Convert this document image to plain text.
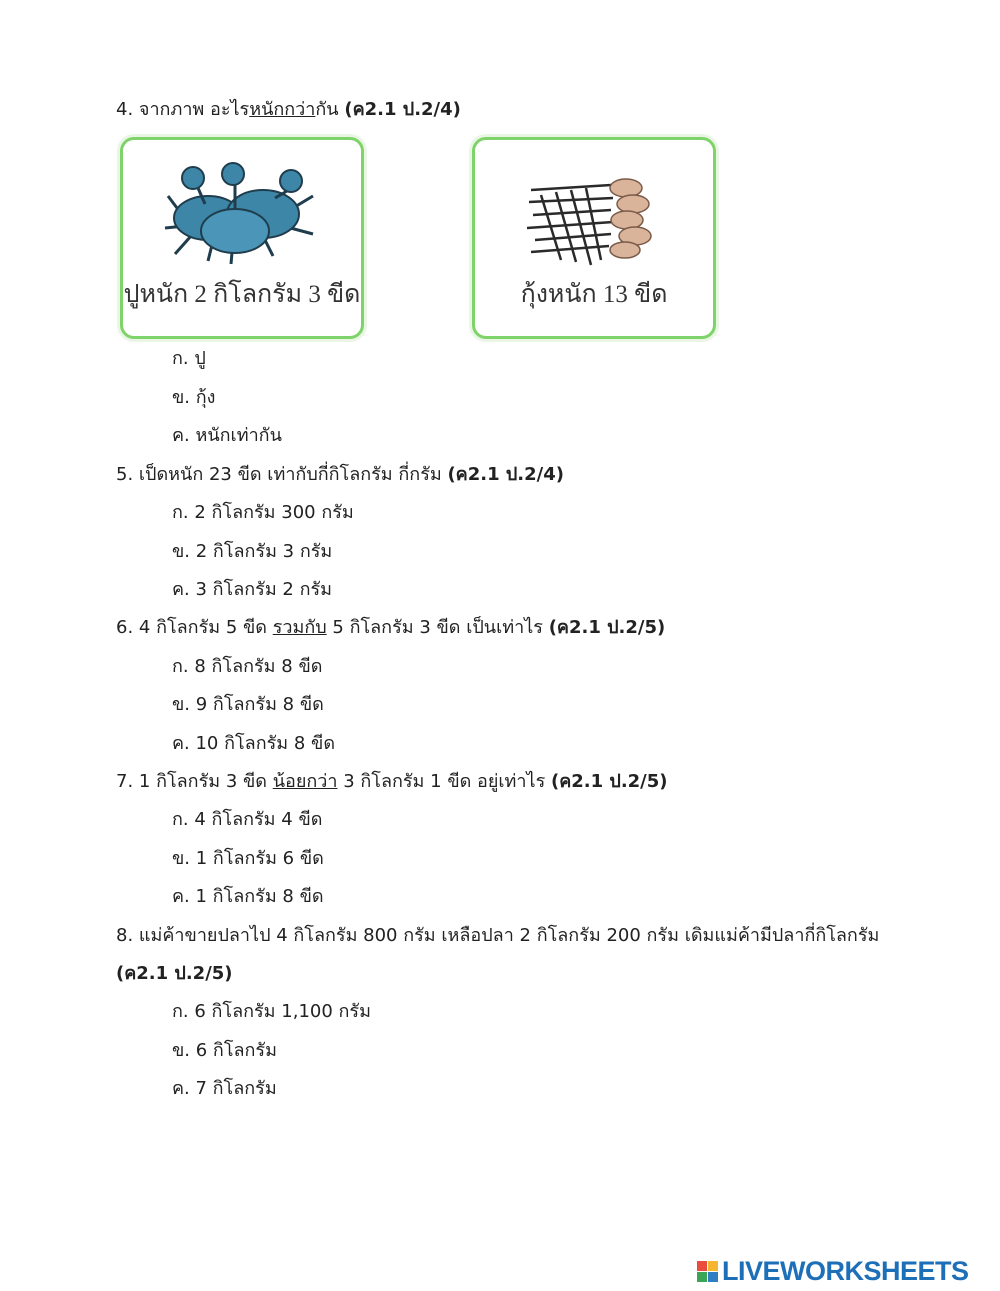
4. จากภาพ อะไรหนักกว่ากัน (ค2.1 ป.2/4)
ปูหนัก 2 กิโลกรัม 3 ขีด	กุ้งหนัก 13 ขีด
ก. ปู
ข. กุ้ง
ค. หนักเท่ากัน
5. เป็ดหนัก 23 ขีด เท่ากับกี่กิโลกรัม กี่กรัม (ค2.1 ป.2/4)
ก. 2 กิโลกรัม 300 กรัม
ข. 2 กิโลกรัม 3 กรัม
ค. 3 กิโลกรัม 2 กรัม
6. 4 กิโลกรัม 5 ขีด รวมกับ 5 กิโลกรัม 3 ขีด เป็นเท่าไร (ค2.1 ป.2/5)
ก. 8 กิโลกรัม 8 ขีด
ข. 9 กิโลกรัม 8 ขีด
ค. 10 กิโลกรัม 8 ขีด
7. 1 กิโลกรัม 3 ขีด น้อยกว่า 3 กิโลกรัม 1 ขีด อยู่เท่าไร (ค2.1 ป.2/5)
ก. 4 กิโลกรัม 4 ขีด
ข. 1 กิโลกรัม 6 ขีด
ค. 1 กิโลกรัม 8 ขีด
8. แม่ค้าขายปลาไป 4 กิโลกรัม 800 กรัม เหลือปลา 2 กิโลกรัม 200 กรัม เดิมแม่ค้ามีปลากี่กิโลกรัม
(ค2.1 ป.2/5)
ก. 6 กิโลกรัม 1,100 กรัม
ข. 6 กิโลกรัม
ค. 7 กิโลกรัม
LIVEWORKSHEETS
